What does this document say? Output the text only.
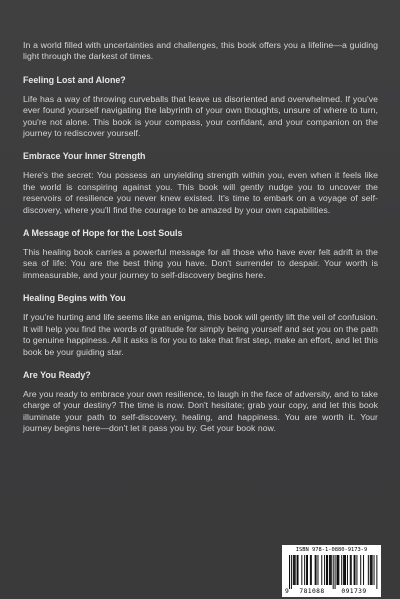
In a world filled with uncertainties and challenges, this book offers you a lifeline—a guiding light through the darkest of times.

Feeling Lost and Alone?

Life has a way of throwing curveballs that leave us disoriented and overwhelmed. If you've ever found yourself navigating the labyrinth of your own thoughts, unsure of where to turn, you're not alone. This book is your compass, your confidant, and your companion on the journey to rediscover yourself.

Embrace Your Inner Strength

Here's the secret: You possess an unyielding strength within you, even when it feels like the world is conspiring against you. This book will gently nudge you to uncover the reservoirs of resilience you never knew existed. It's time to embark on a voyage of self-discovery, where you'll find the courage to be amazed by your own capabilities.

A Message of Hope for the Lost Souls

This healing book carries a powerful message for all those who have ever felt adrift in the sea of life: You are the best thing you have. Don't surrender to despair. Your worth is immeasurable, and your journey to self-discovery begins here.

Healing Begins with You

If you're hurting and life seems like an enigma, this book will gently lift the veil of confusion. It will help you find the words of gratitude for simply being yourself and set you on the path to genuine happiness. All it asks is for you to take that first step, make an effort, and let this book be your guiding star.

Are You Ready?

Are you ready to embrace your own resilience, to laugh in the face of adversity, and to take charge of your destiny? The time is now. Don't hesitate; grab your copy, and let this book illuminate your path to self-discovery, healing, and happiness. You are worth it. Your journey begins here—don't let it pass you by. Get your book now.

ISBN 978-1-0880-9173-9
9	781088	091739
